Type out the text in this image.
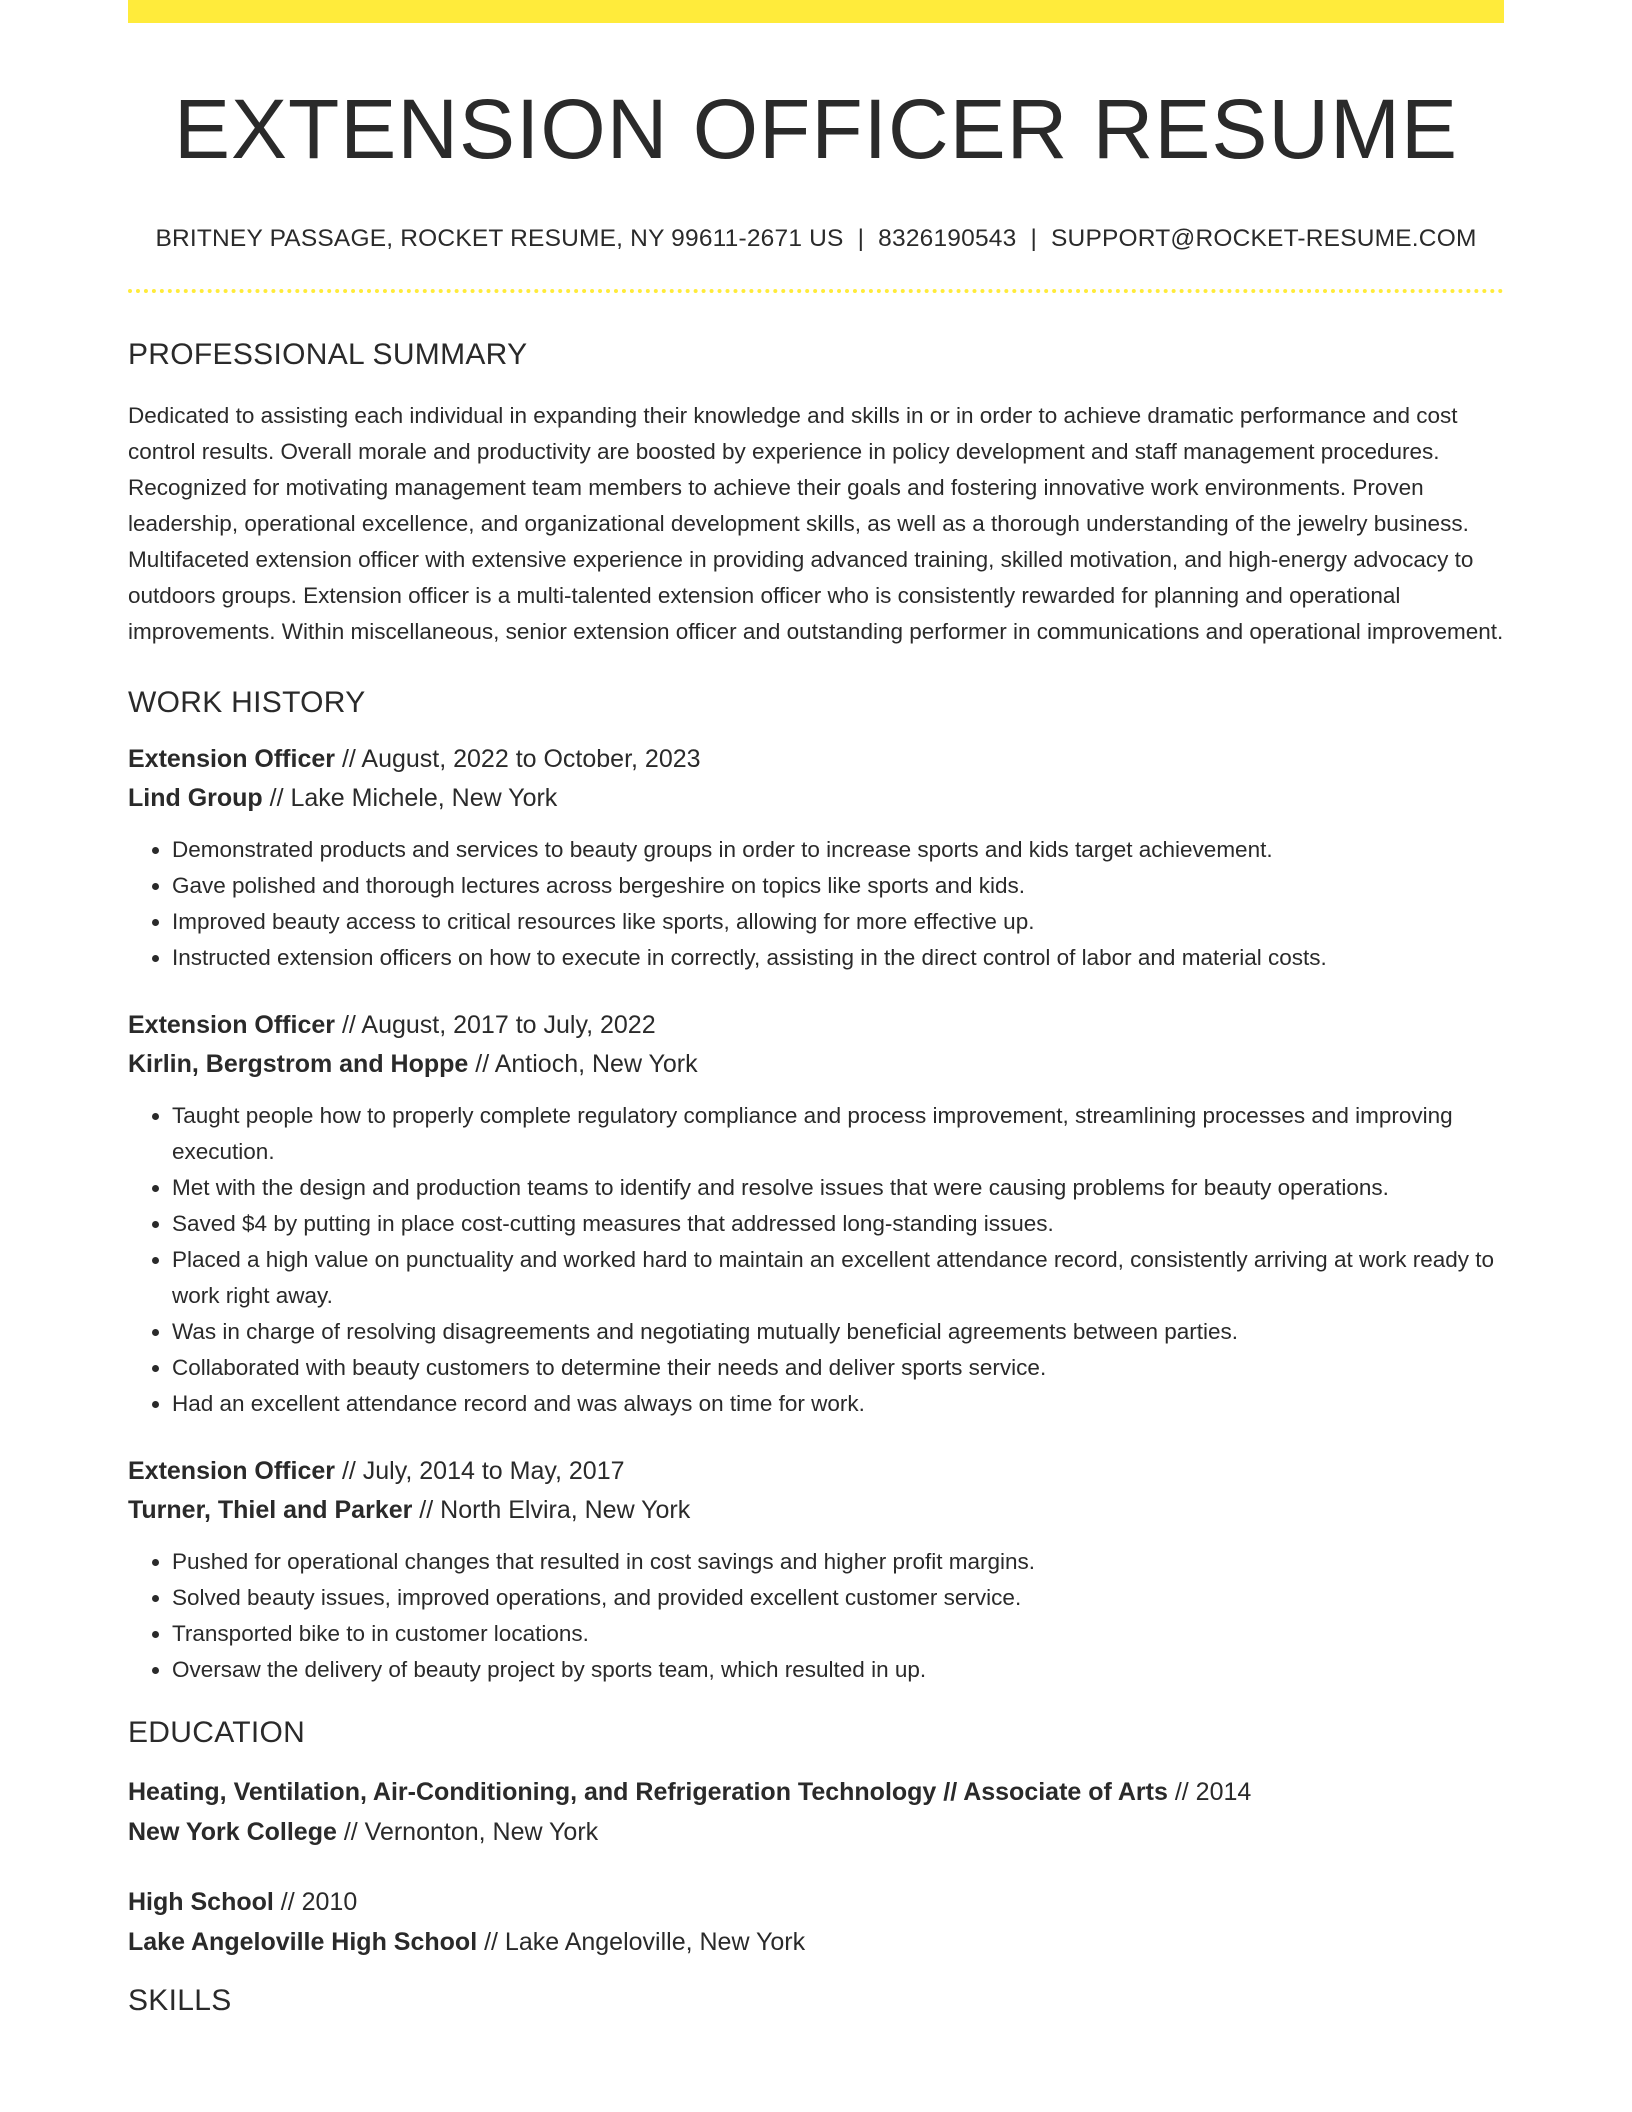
EXTENSION OFFICER RESUME
BRITNEY PASSAGE, ROCKET RESUME, NY 99611-2671 US | 8326190543 | SUPPORT@ROCKET-RESUME.COM
PROFESSIONAL SUMMARY
Dedicated to assisting each individual in expanding their knowledge and skills in or in order to achieve dramatic performance and cost control results. Overall morale and productivity are boosted by experience in policy development and staff management procedures. Recognized for motivating management team members to achieve their goals and fostering innovative work environments. Proven leadership, operational excellence, and organizational development skills, as well as a thorough understanding of the jewelry business. Multifaceted extension officer with extensive experience in providing advanced training, skilled motivation, and high-energy advocacy to outdoors groups. Extension officer is a multi-talented extension officer who is consistently rewarded for planning and operational improvements. Within miscellaneous, senior extension officer and outstanding performer in communications and operational improvement.
WORK HISTORY
Extension Officer // August, 2022 to October, 2023
Lind Group // Lake Michele, New York
• Demonstrated products and services to beauty groups in order to increase sports and kids target achievement.
• Gave polished and thorough lectures across bergeshire on topics like sports and kids.
• Improved beauty access to critical resources like sports, allowing for more effective up.
• Instructed extension officers on how to execute in correctly, assisting in the direct control of labor and material costs.
Extension Officer // August, 2017 to July, 2022
Kirlin, Bergstrom and Hoppe // Antioch, New York
• Taught people how to properly complete regulatory compliance and process improvement, streamlining processes and improving execution.
• Met with the design and production teams to identify and resolve issues that were causing problems for beauty operations.
• Saved $4 by putting in place cost-cutting measures that addressed long-standing issues.
• Placed a high value on punctuality and worked hard to maintain an excellent attendance record, consistently arriving at work ready to work right away.
• Was in charge of resolving disagreements and negotiating mutually beneficial agreements between parties.
• Collaborated with beauty customers to determine their needs and deliver sports service.
• Had an excellent attendance record and was always on time for work.
Extension Officer // July, 2014 to May, 2017
Turner, Thiel and Parker // North Elvira, New York
• Pushed for operational changes that resulted in cost savings and higher profit margins.
• Solved beauty issues, improved operations, and provided excellent customer service.
• Transported bike to in customer locations.
• Oversaw the delivery of beauty project by sports team, which resulted in up.
EDUCATION
Heating, Ventilation, Air-Conditioning, and Refrigeration Technology // Associate of Arts // 2014
New York College // Vernonton, New York
High School // 2010
Lake Angeloville High School // Lake Angeloville, New York
SKILLS
